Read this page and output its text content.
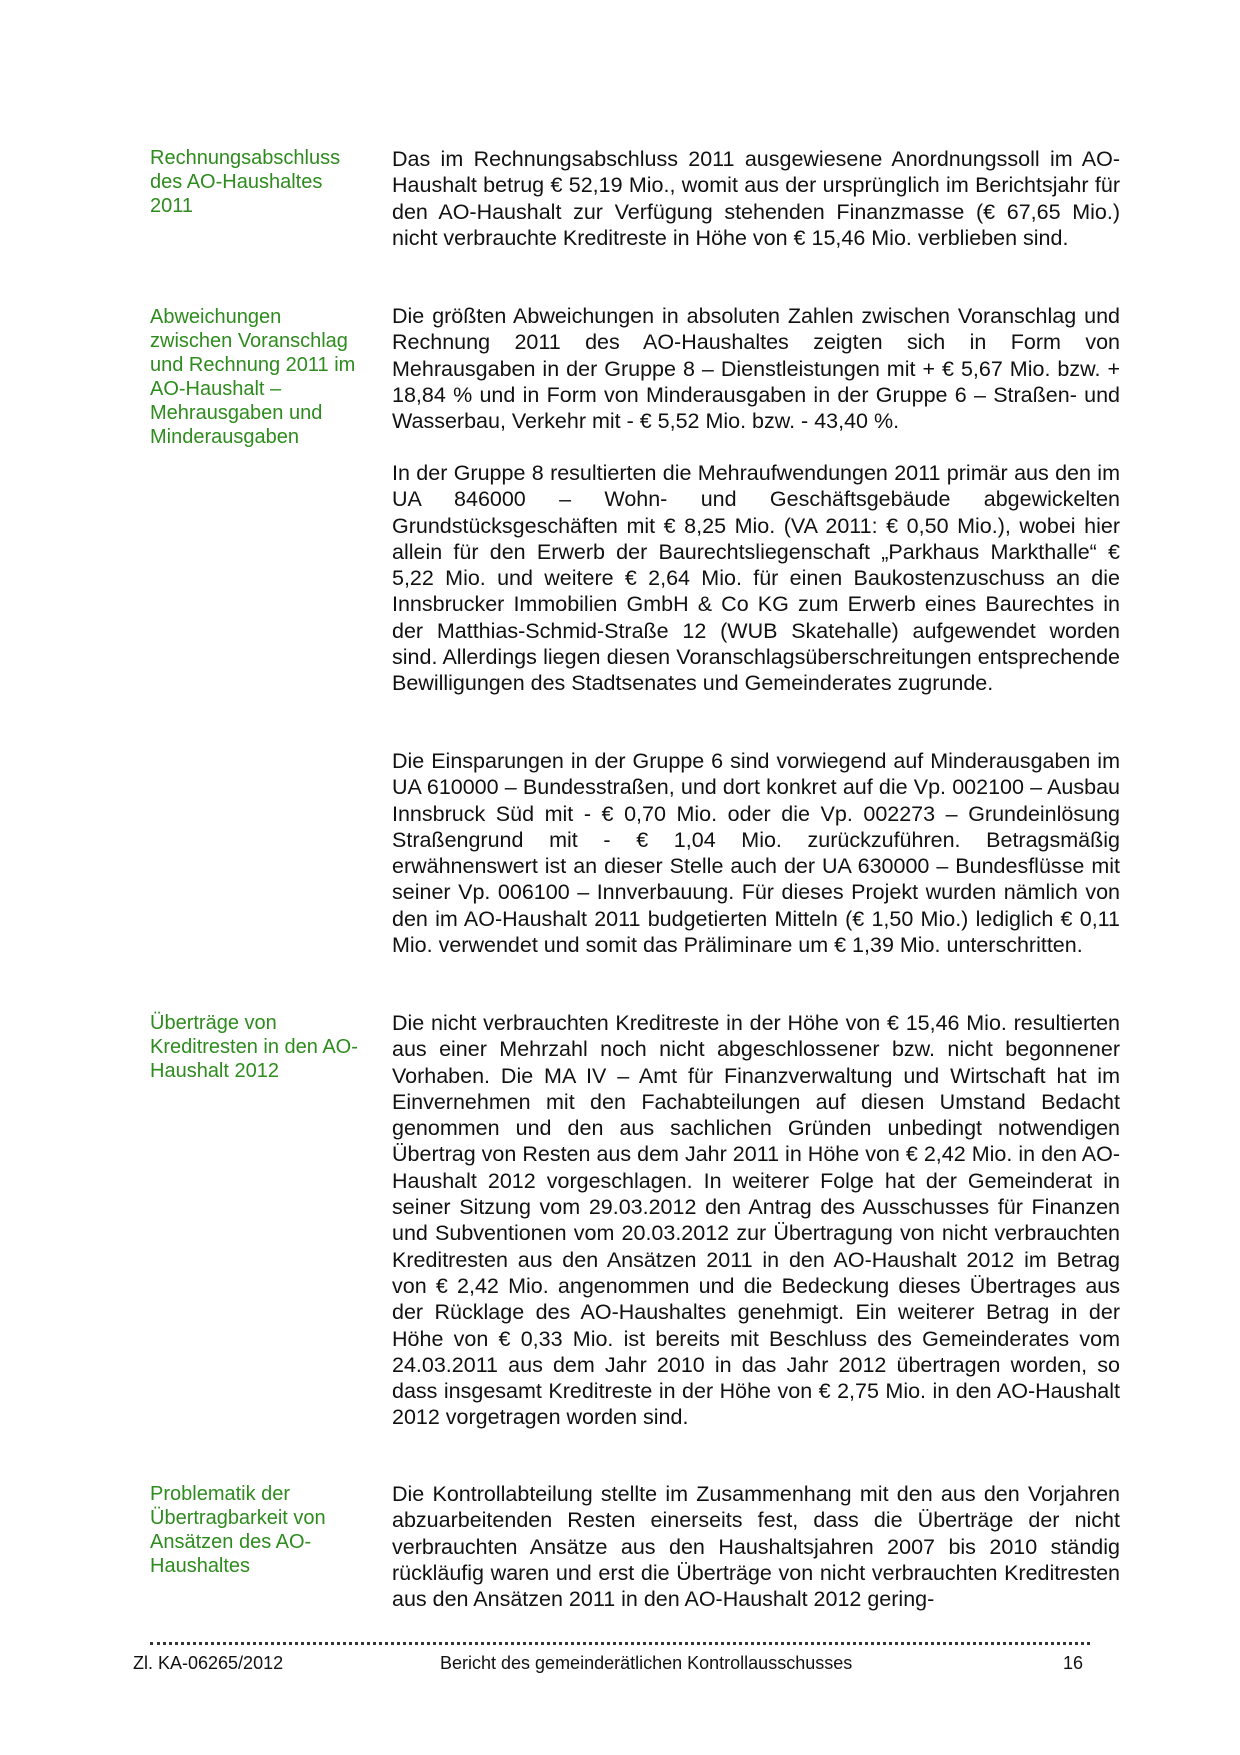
Rechnungsabschluss des AO-Haushaltes 2011
Abweichungen zwischen Voranschlag und Rechnung 2011 im AO-Haushalt – Mehrausgaben und Minderausgaben
Überträge von Kreditresten in den AO-Haushalt 2012
Problematik der Übertragbarkeit von Ansätzen des AO-Haushaltes
Das im Rechnungsabschluss 2011 ausgewiesene Anordnungssoll im AO-Haushalt betrug € 52,19 Mio., womit aus der ursprünglich im Berichtsjahr für den AO-Haushalt zur Verfügung stehenden Finanzmasse (€ 67,65 Mio.) nicht verbrauchte Kreditreste in Höhe von € 15,46 Mio. verblieben sind.
Die größten Abweichungen in absoluten Zahlen zwischen Voranschlag und Rechnung 2011 des AO-Haushaltes zeigten sich in Form von Mehrausgaben in der Gruppe 8 – Dienstleistungen mit + € 5,67 Mio. bzw. + 18,84 % und in Form von Minderausgaben in der Gruppe 6 – Straßen- und Wasserbau, Verkehr mit - € 5,52 Mio. bzw. - 43,40 %.
In der Gruppe 8 resultierten die Mehraufwendungen 2011 primär aus den im UA 846000 – Wohn- und Geschäftsgebäude abgewickelten Grundstücksgeschäften mit € 8,25 Mio. (VA 2011: € 0,50 Mio.), wobei hier allein für den Erwerb der Baurechtsliegenschaft „Parkhaus Markthalle“ € 5,22 Mio. und weitere € 2,64 Mio. für einen Baukostenzuschuss an die Innsbrucker Immobilien GmbH & Co KG zum Erwerb eines Baurechtes in der Matthias-Schmid-Straße 12 (WUB Skatehalle) aufgewendet worden sind. Allerdings liegen diesen Voranschlagsüberschreitungen entsprechende Bewilligungen des Stadtsenates und Gemeinderates zugrunde.
Die Einsparungen in der Gruppe 6 sind vorwiegend auf Minderausgaben im UA 610000 – Bundesstraßen, und dort konkret auf die Vp. 002100 – Ausbau Innsbruck Süd mit - € 0,70 Mio. oder die Vp. 002273 – Grundeinlösung Straßengrund mit - € 1,04 Mio. zurückzuführen. Betragsmäßig erwähnenswert ist an dieser Stelle auch der UA 630000 – Bundesflüsse mit seiner Vp. 006100 – Innverbauung. Für dieses Projekt wurden nämlich von den im AO-Haushalt 2011 budgetierten Mitteln (€ 1,50 Mio.) lediglich € 0,11 Mio. verwendet und somit das Präliminare um € 1,39 Mio. unterschritten.
Die nicht verbrauchten Kreditreste in der Höhe von € 15,46 Mio. resultierten aus einer Mehrzahl noch nicht abgeschlossener bzw. nicht begonnener Vorhaben. Die MA IV – Amt für Finanzverwaltung und Wirtschaft hat im Einvernehmen mit den Fachabteilungen auf diesen Umstand Bedacht genommen und den aus sachlichen Gründen unbedingt notwendigen Übertrag von Resten aus dem Jahr 2011 in Höhe von € 2,42 Mio. in den AO-Haushalt 2012 vorgeschlagen. In weiterer Folge hat der Gemeinderat in seiner Sitzung vom 29.03.2012 den Antrag des Ausschusses für Finanzen und Subventionen vom 20.03.2012 zur Übertragung von nicht verbrauchten Kreditresten aus den Ansätzen 2011 in den AO-Haushalt 2012 im Betrag von € 2,42 Mio. angenommen und die Bedeckung dieses Übertrages aus der Rücklage des AO-Haushaltes genehmigt. Ein weiterer Betrag in der Höhe von € 0,33 Mio. ist bereits mit Beschluss des Gemeinderates vom 24.03.2011 aus dem Jahr 2010 in das Jahr 2012 übertragen worden, so dass insgesamt Kreditreste in der Höhe von € 2,75 Mio. in den AO-Haushalt 2012 vorgetragen worden sind.
Die Kontrollabteilung stellte im Zusammenhang mit den aus den Vorjahren abzuarbeitenden Resten einerseits fest, dass die Überträge der nicht verbrauchten Ansätze aus den Haushaltsjahren 2007 bis 2010 ständig rückläufig waren und erst die Überträge von nicht verbrauchten Kreditresten aus den Ansätzen 2011 in den AO-Haushalt 2012 gering-
Zl. KA-06265/2012	Bericht des gemeinderätlichen Kontrollausschusses	16
